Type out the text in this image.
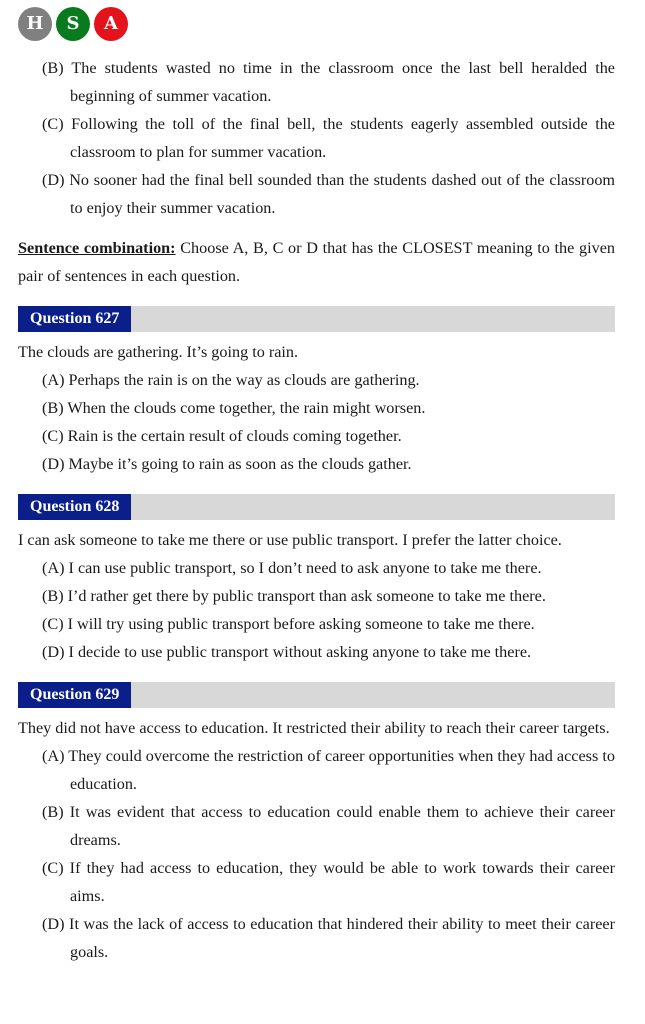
H	S	A
(B) The students wasted no time in the classroom once the last bell heralded the beginning of summer vacation.
(C) Following the toll of the final bell, the students eagerly assembled outside the classroom to plan for summer vacation.
(D) No sooner had the final bell sounded than the students dashed out of the classroom to enjoy their summer vacation.
Sentence combination: Choose A, B, C or D that has the CLOSEST meaning to the given pair of sentences in each question.
Question 627
The clouds are gathering. It’s going to rain.
(A) Perhaps the rain is on the way as clouds are gathering.
(B) When the clouds come together, the rain might worsen.
(C) Rain is the certain result of clouds coming together.
(D) Maybe it’s going to rain as soon as the clouds gather.
Question 628
I can ask someone to take me there or use public transport. I prefer the latter choice.
(A) I can use public transport, so I don’t need to ask anyone to take me there.
(B) I’d rather get there by public transport than ask someone to take me there.
(C) I will try using public transport before asking someone to take me there.
(D) I decide to use public transport without asking anyone to take me there.
Question 629
They did not have access to education. It restricted their ability to reach their career targets.
(A) They could overcome the restriction of career opportunities when they had access to education.
(B) It was evident that access to education could enable them to achieve their career dreams.
(C) If they had access to education, they would be able to work towards their career aims.
(D) It was the lack of access to education that hindered their ability to meet their career goals.
